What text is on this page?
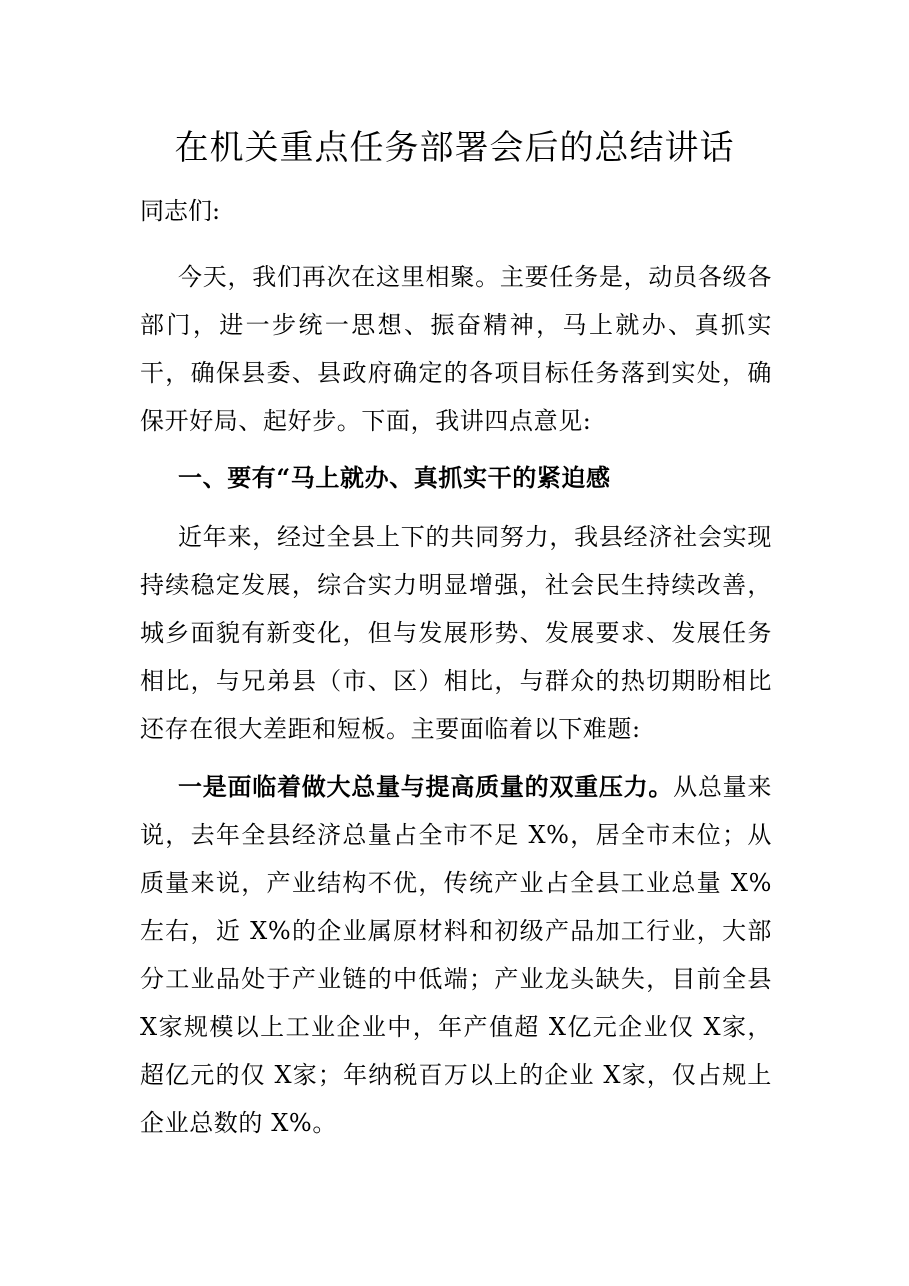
在机关重点任务部署会后的总结讲话

同志们:

今天，我们再次在这里相聚。主要任务是，动员各级各部门，进一步统一思想、振奋精神，马上就办、真抓实干，确保县委、县政府确定的各项目标任务落到实处，确保开好局、起好步。下面，我讲四点意见:

一、要有“马上就办、真抓实干的紧迫感

近年来，经过全县上下的共同努力，我县经济社会实现持续稳定发展，综合实力明显增强，社会民生持续改善，城乡面貌有新变化，但与发展形势、发展要求、发展任务相比，与兄弟县（市、区）相比，与群众的热切期盼相比还存在很大差距和短板。主要面临着以下难题:

一是面临着做大总量与提高质量的双重压力。从总量来说，去年全县经济总量占全市不足 X%，居全市末位；从质量来说，产业结构不优，传统产业占全县工业总量 X%左右，近 X%的企业属原材料和初级产品加工行业，大部分工业品处于产业链的中低端；产业龙头缺失，目前全县 X家规模以上工业企业中，年产值超 X亿元企业仅 X家，超亿元的仅 X家；年纳税百万以上的企业 X家，仅占规上企业总数的 X%。
